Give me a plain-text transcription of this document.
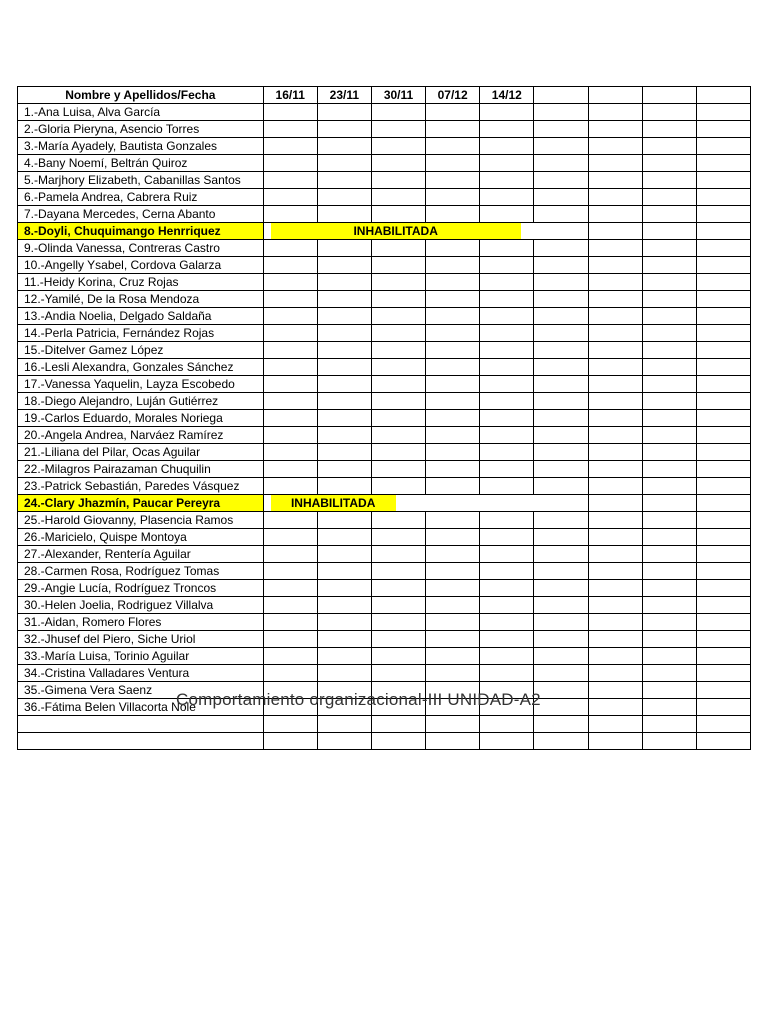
Nombre y Apellidos/Fecha	16/11	23/11	30/11	07/12	14/12				
1.-Ana Luisa, Alva García									
2.-Gloria Pieryna, Asencio Torres									
3.-María Ayadely, Bautista Gonzales									
4.-Bany Noemí, Beltrán Quiroz									
5.-Marjhory Elizabeth, Cabanillas Santos									
6.-Pamela Andrea, Cabrera Ruiz									
7.-Dayana Mercedes, Cerna Abanto									
8.-Doyli, Chuquimango Henrriquez	INHABILITADA								

9.-Olinda Vanessa, Contreras Castro									
10.-Angelly Ysabel, Cordova Galarza									
11.-Heidy Korina, Cruz Rojas									
12.-Yamilé, De la Rosa Mendoza									
13.-Andia Noelia, Delgado Saldaña									
14.-Perla Patricia, Fernández Rojas									
15.-Ditelver Gamez López									
16.-Lesli Alexandra, Gonzales Sánchez									
17.-Vanessa Yaquelin, Layza Escobedo									
18.-Diego Alejandro, Luján Gutiérrez									
19.-Carlos Eduardo, Morales Noriega									
20.-Angela Andrea, Narváez Ramírez									
21.-Liliana del Pilar, Ocas Aguilar									
22.-Milagros Pairazaman Chuquilin									
23.-Patrick Sebastián, Paredes Vásquez									
24.-Clary Jhazmín, Paucar Pereyra	INHABILITADA								

25.-Harold Giovanny, Plasencia Ramos									
26.-Maricielo, Quispe Montoya									
27.-Alexander, Rentería Aguilar									
28.-Carmen Rosa, Rodríguez Tomas									
29.-Angie Lucía, Rodríguez Troncos									
30.-Helen Joelia, Rodriguez Villalva									
31.-Aidan, Romero Flores									
32.-Jhusef del Piero, Siche Uriol									
33.-María Luisa, Torinio Aguilar									
34.-Cristina Valladares Ventura									
35.-Gimena Vera Saenz									
36.-Fátima Belen Villacorta Nole									

Comportamiento organizacional-III UNIDAD-A2
